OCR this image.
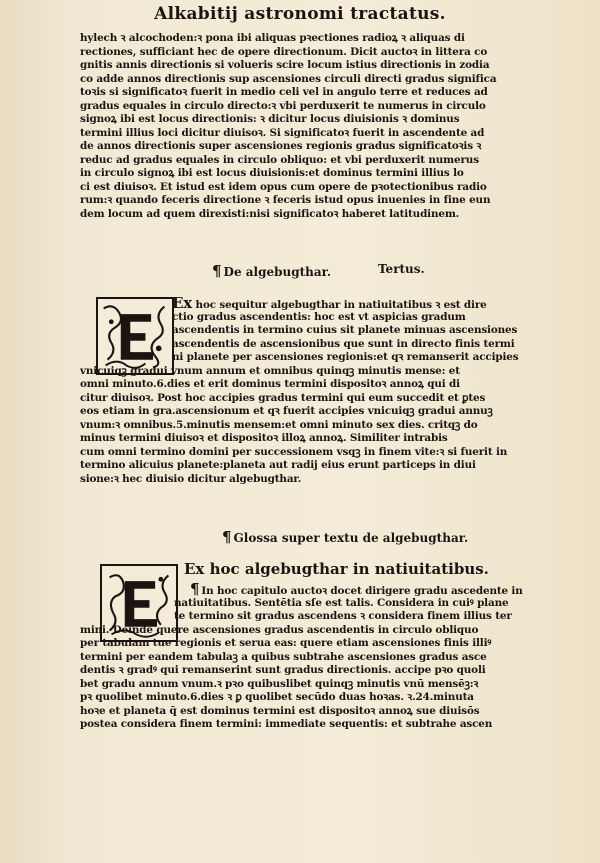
Alkabitij astronomi tractatus.
hylech ꝛ alcochoden:ꝛ pona ibi aliquas pꝛectiones radioꝝ ꝛ aliquas di
rectiones, sufficiant hec de opere directionum. Dicit auctoꝛ in littera co
gnitis annis directionis si volueris scire locum istius directionis in zodia
co adde annos directionis sup ascensiones circuli directi gradus significa
toꝛis si significatoꝛ fuerit in medio celi vel in angulo terre et reduces ad
gradus equales in circulo directo:ꝛ vbi perduxerit te numerus in circulo
signoꝝ ibi est locus directionis: ꝛ dicitur locus diuisionis ꝛ dominus
termini illius loci dicitur diuisoꝛ. Si significatoꝛ fuerit in ascendente ad
de annos directionis super ascensiones regionis gradus significatoꝛis ꝛ
reduc ad gradus equales in circulo obliquo: et vbi perduxerit numerus
in circulo signoꝝ ibi est locus diuisionis:et dominus termini illius lo
ci est diuisoꝛ. Et istud est idem opus cum opere de pꝛotectionibus radio
rum:ꝛ quando feceris directione ꝛ feceris istud opus inuenies in fine eun
dem locum ad quem direxisti:nisi significatoꝛ haberet latitudinem.
¶ De algebugthar.	Tertus.
Ex hoc sequitur algebugthar in natiuitatibus ꝛ est dire
ctio gradus ascendentis: hoc est vt aspicias gradum
ascendentis in termino cuius sit planete minuas ascensiones
ascendentis de ascensionibus que sunt in directo finis termi
ni planete per ascensiones regionis:et qꝛ remanserit accipies
vnicuiqꝫ gradui vnum annum et omnibus quinqꝫ minutis mense: et
omni minuto.6.dies et erit dominus termini dispositoꝛ annoꝝ qui di
citur diuisoꝛ. Post hoc accipies gradus termini qui eum succedit et ꝑtes
eos etiam in gra.ascensionum et qꝛ fuerit accipies vnicuiqꝫ gradui annuꝫ
vnum:ꝛ omnibus.5.minutis mensem:et omni minuto sex dies. critqꝫ do
minus termini diuisoꝛ et dispositoꝛ illoꝝ annoꝝ. Similiter intrabis
cum omni termino domini per successionem vsqꝫ in finem vite:ꝛ si fuerit in
termino alicuius planete:planeta aut radij eius erunt particeps in diui
sione:ꝛ hec diuisio dicitur algebugthar.
¶ Glossa super textu de algebugthar.
Ex hoc algebugthar in natiuitatibus.
¶ In hoc capitulo auctoꝛ docet dirigere gradu ascedente in
natiuitatibus. Sentētia sſe est talis. Considera in cuiꝰ plane
te termino sit gradus ascendens ꝛ considera finem illius ter
mini. Deinde quere ascensiones gradus ascendentis in circulo obliquo
per tabulam tue regionis et serua eas: quere etiam ascensiones finis illiꝰ
termini per eandem tabulaꝫ a quibus subtrahe ascensiones gradus asce
dentis ꝛ gradꝰ qui remanserint sunt gradus directionis. accipe pꝛo quoli
bet gradu annum vnum.ꝛ pꝛo quibuslibet quinqꝫ minutis vnū mensēꝫ:ꝛ
pꝛ quolibet minuto.6.dies ꝛ ꝑ quolibet secūdo duas hoꝛas. ꝛ.24.minuta
hoꝛe et planeta q̄ est dominus termini est dispositoꝛ annoꝝ sue diuisōs
postea considera finem termini: immediate sequentis: et subtrahe ascen
